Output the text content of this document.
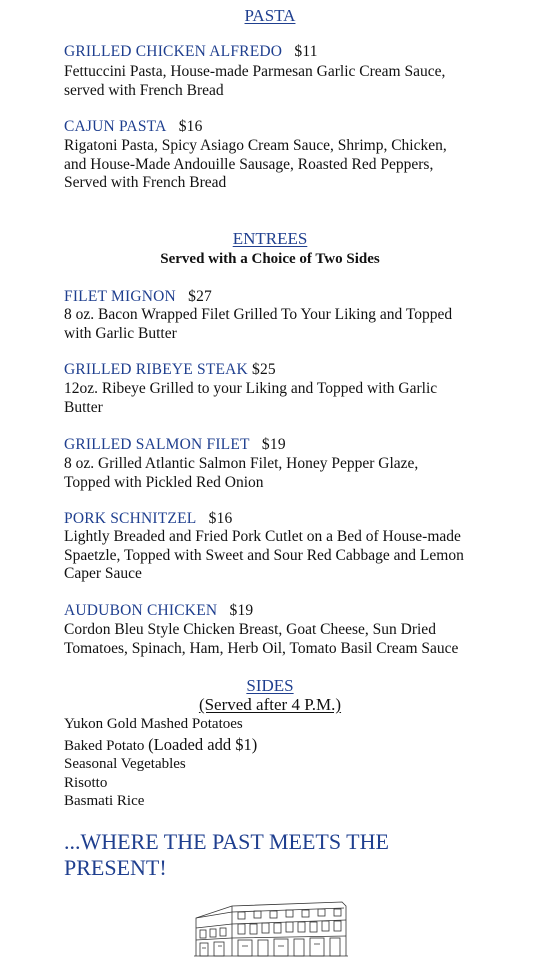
PASTA
GRILLED CHICKEN ALFREDO $11
Fettuccini Pasta, House-made Parmesan Garlic Cream Sauce,
served with French Bread
CAJUN PASTA $16
Rigatoni Pasta, Spicy Asiago Cream Sauce, Shrimp, Chicken,
and House-Made Andouille Sausage, Roasted Red Peppers,
Served with French Bread
ENTREES
Served with a Choice of Two Sides
FILET MIGNON $27
8 oz. Bacon Wrapped Filet Grilled To Your Liking and Topped
with Garlic Butter
GRILLED RIBEYE STEAK $25
12oz. Ribeye Grilled to your Liking and Topped with Garlic
Butter
GRILLED SALMON FILET $19
8 oz. Grilled Atlantic Salmon Filet, Honey Pepper Glaze,
Topped with Pickled Red Onion
PORK SCHNITZEL $16
Lightly Breaded and Fried Pork Cutlet on a Bed of House-made
Spaetzle, Topped with Sweet and Sour Red Cabbage and Lemon
Caper Sauce
AUDUBON CHICKEN $19
Cordon Bleu Style Chicken Breast, Goat Cheese, Sun Dried
Tomatoes, Spinach, Ham, Herb Oil, Tomato Basil Cream Sauce
SIDES
(Served after 4 P.M.)
Yukon Gold Mashed Potatoes
Baked Potato (Loaded add $1)
Seasonal Vegetables
Risotto
Basmati Rice
...WHERE THE PAST MEETS THE
PRESENT!
